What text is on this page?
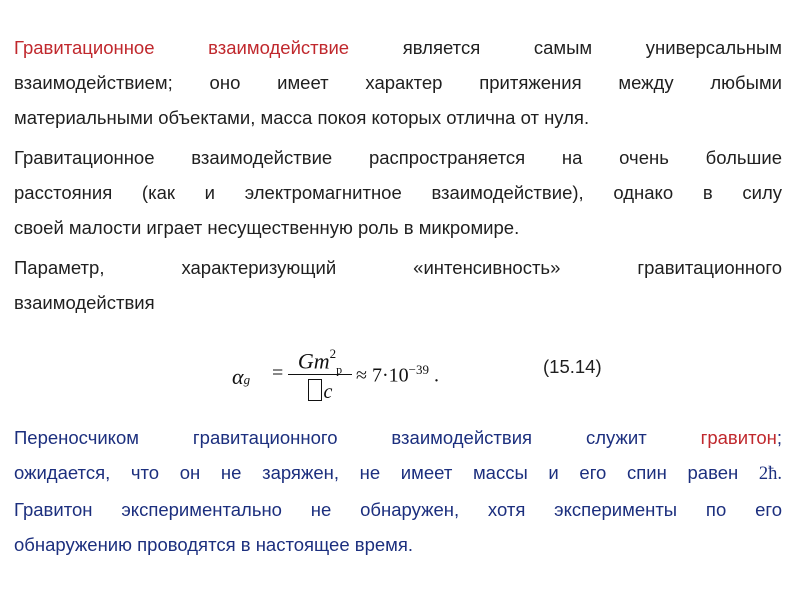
Гравитационное взаимодействие	является самым универсальным
взаимодействием; оно имеет характер притяжения между любыми
материальными объектами, масса покоя которых отлична от нуля.

Гравитационное взаимодействие распространяется на очень большие
расстояния (как и электромагнитное взаимодействие), однако в силу
своей малости играет несущественную роль в микромире.

Параметр, характеризующий «интенсивность» гравитационного
взаимодействия

$\alpha g = Gm^2_p$
c
≈ $7\cdot 10^{-39}$ .	(15.14)

Переносчиком гравитационного взаимодействия служит	гравитон;
ожидается, что он не заряжен, не имеет массы и его спин равен 2ħ.
Гравитон экспериментально не обнаружен, хотя эксперименты по его
обнаружению проводятся в настоящее время.
